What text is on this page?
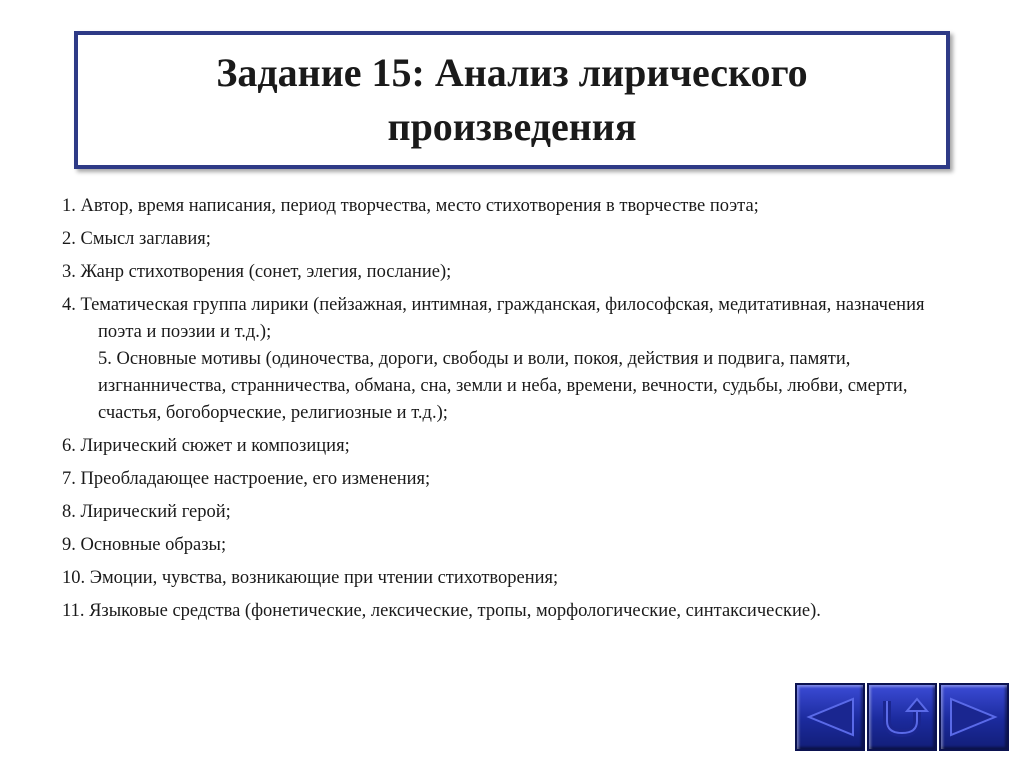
Задание 15: Анализ лирического произведения
1. Автор, время написания, период творчества, место стихотворения в творчестве поэта;
2. Смысл заглавия;
3. Жанр стихотворения (сонет, элегия, послание);
4. Тематическая группа лирики (пейзажная, интимная, гражданская, философская, медитативная, назначения поэта и поэзии и т.д.);
5. Основные мотивы (одиночества, дороги, свободы и воли, покоя, действия и подвига, памяти, изгнанничества, странничества, обмана, сна, земли и неба, времени, вечности, судьбы, любви, смерти, счастья, богоборческие, религиозные и т.д.);
6. Лирический сюжет и композиция;
7. Преобладающее настроение, его изменения;
8. Лирический герой;
9. Основные образы;
10. Эмоции, чувства, возникающие при чтении стихотворения;
11. Языковые средства (фонетические, лексические, тропы, морфологические, синтаксические).
